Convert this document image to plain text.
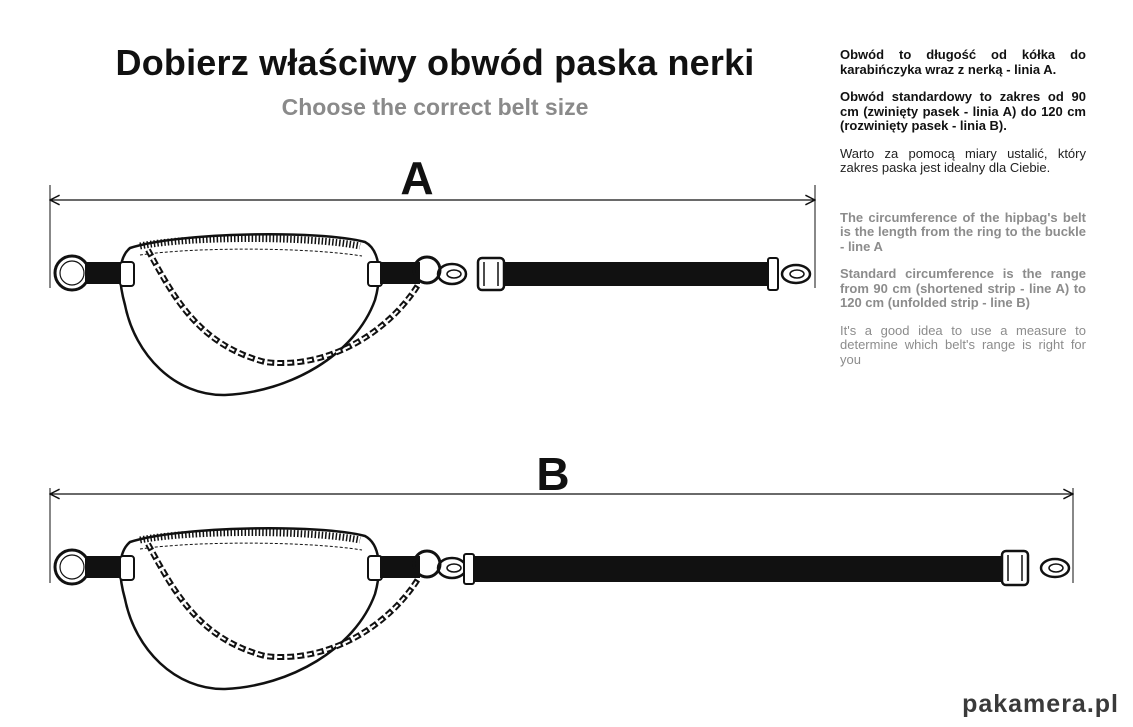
Dobierz właściwy obwód paska nerki
Choose the correct belt size

Obwód to długość od kółka do karabińczyka wraz z nerką - linia A.

Obwód standardowy to zakres od 90 cm (zwinięty pasek - linia A) do 120 cm (rozwinięty pasek - linia B).

Warto za pomocą miary ustalić, który zakres paska jest idealny dla Ciebie.

The circumference of the hipbag's belt is the length from the ring to the buckle - line A

Standard circumference is the range from 90 cm (shortened strip - line A) to 120 cm (unfolded strip - line B)

It's a good idea to use a measure to determine which belt's range is right for you

A
B
pakamera.pl
